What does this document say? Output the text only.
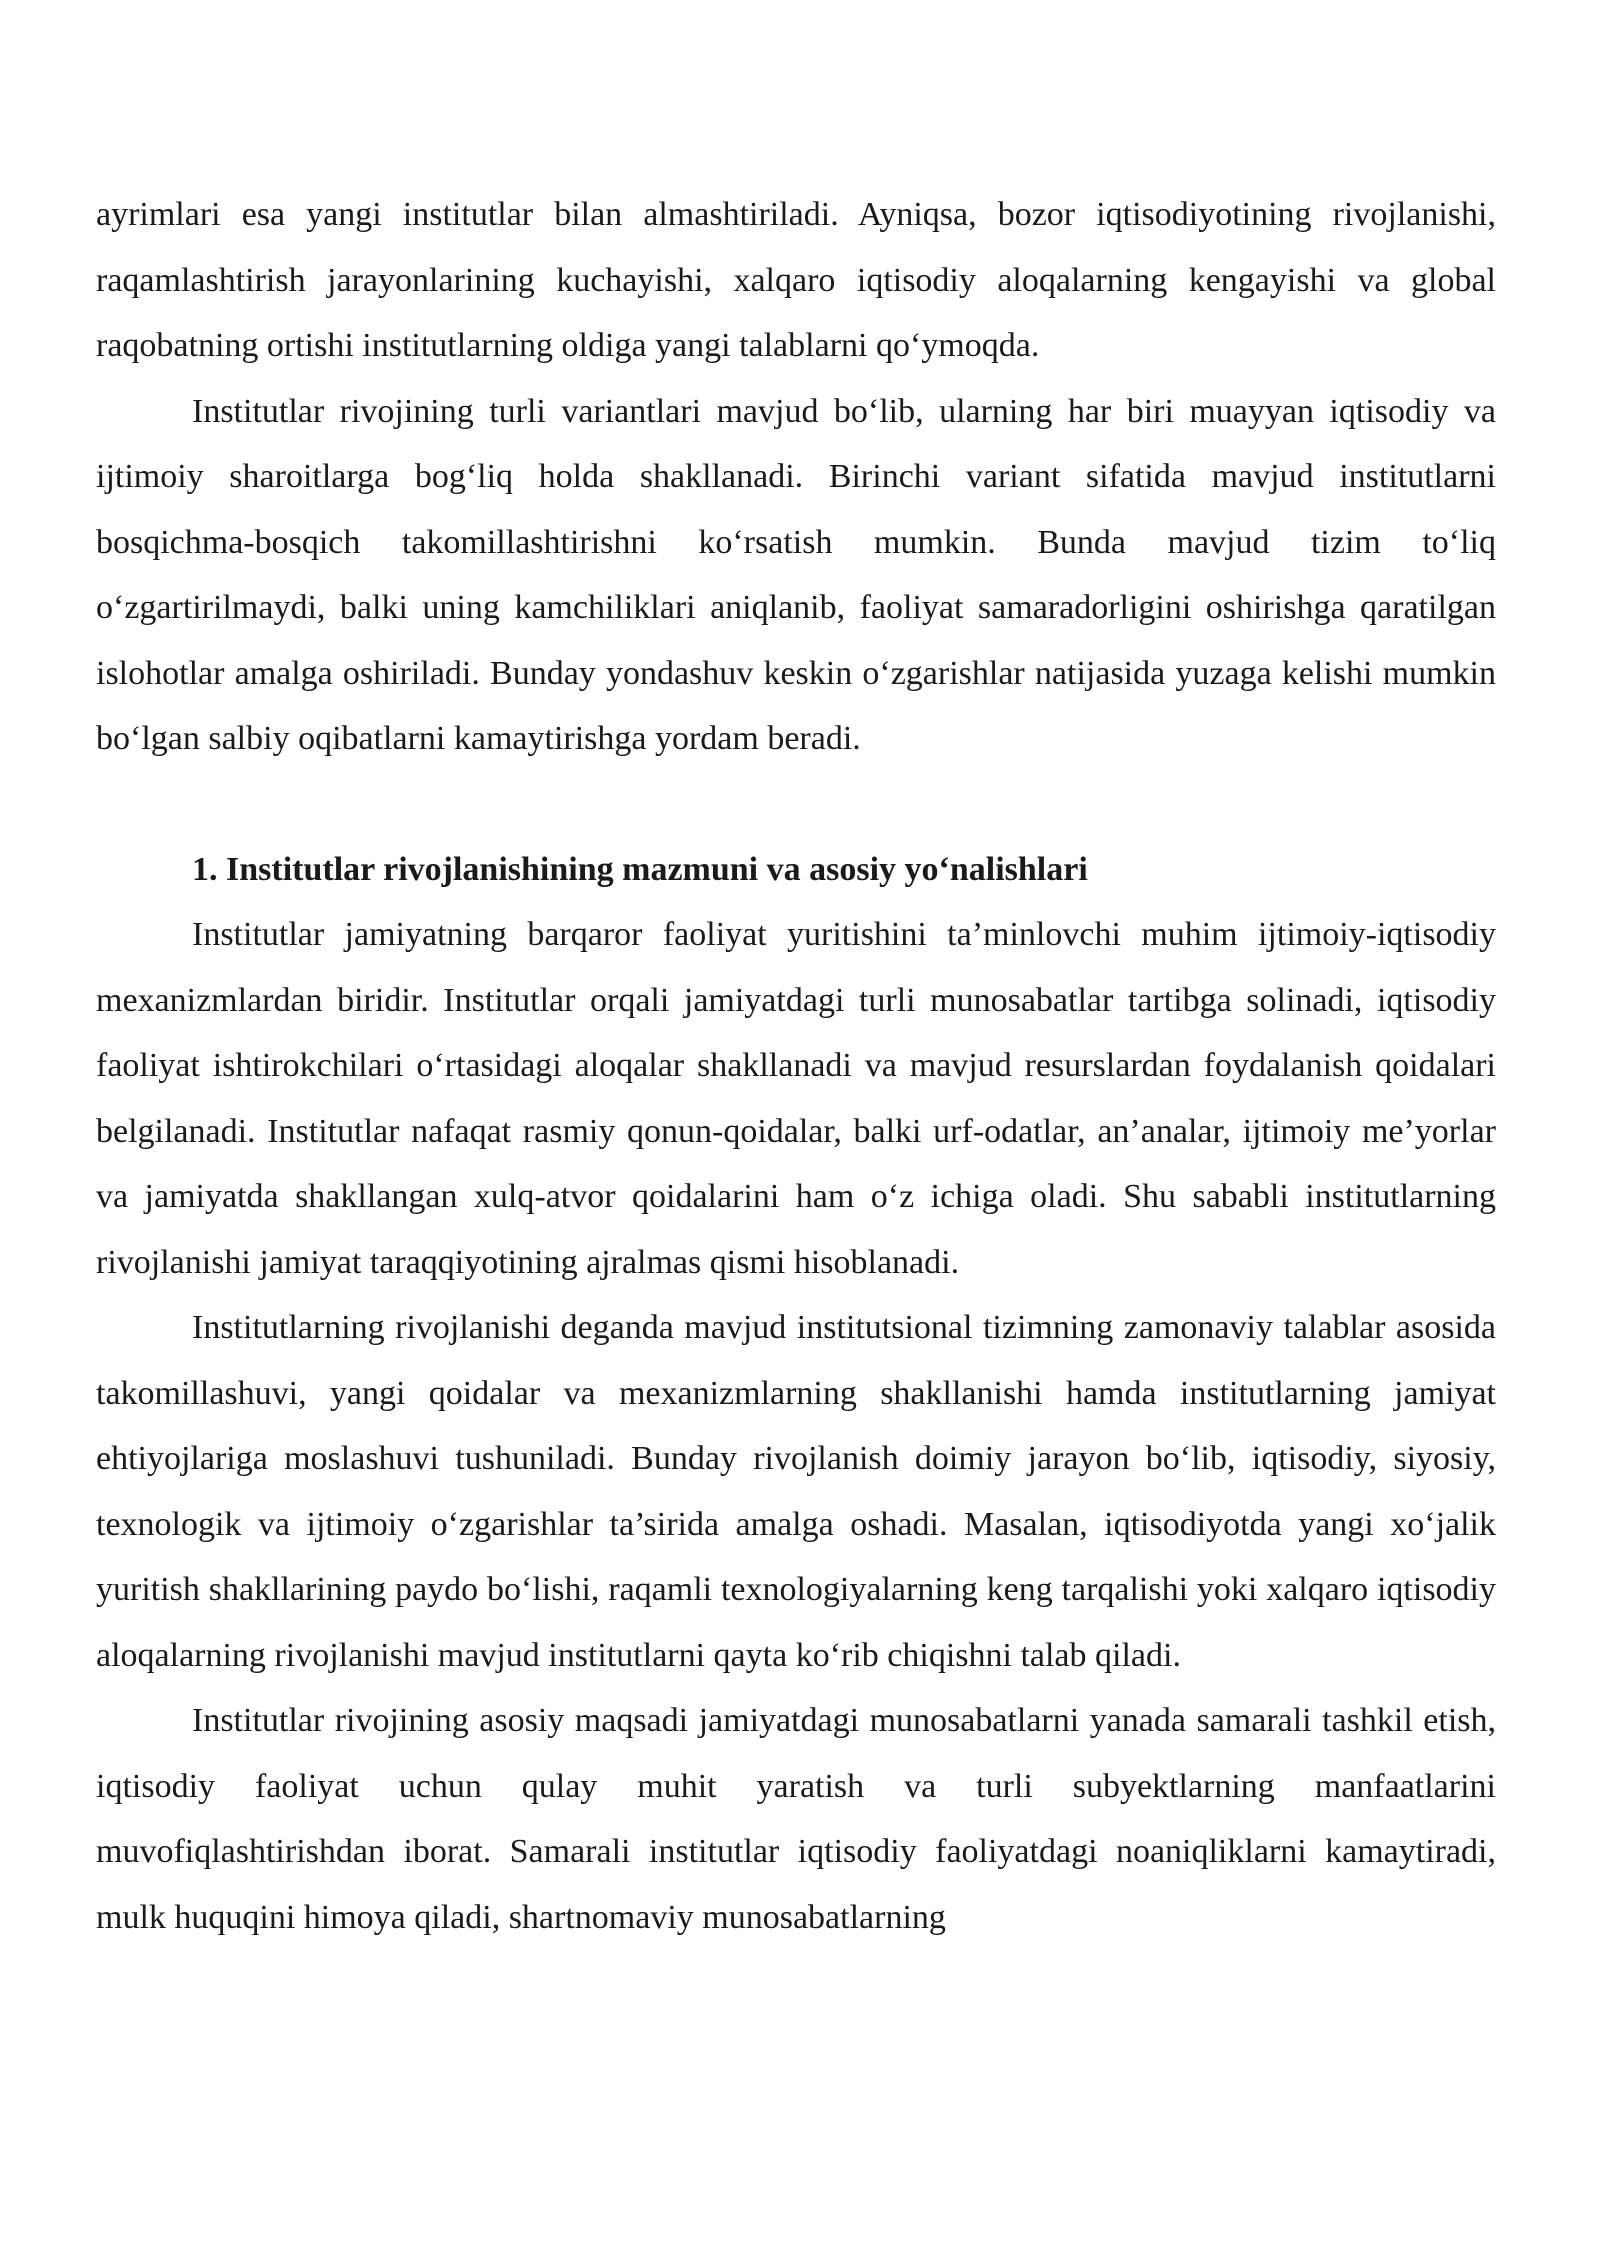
ayrimlari esa yangi institutlar bilan almashtiriladi. Ayniqsa, bozor iqtisodiyotining rivojlanishi, raqamlashtirish jarayonlarining kuchayishi, xalqaro iqtisodiy aloqalarning kengayishi va global raqobatning ortishi institutlarning oldiga yangi talablarni qo‘ymoqda.

Institutlar rivojining turli variantlari mavjud bo‘lib, ularning har biri muayyan iqtisodiy va ijtimoiy sharoitlarga bog‘liq holda shakllanadi. Birinchi variant sifatida mavjud institutlarni bosqichma-bosqich takomillashtirishni ko‘rsatish mumkin. Bunda mavjud tizim to‘liq o‘zgartirilmaydi, balki uning kamchiliklari aniqlanib, faoliyat samaradorligini oshirishga qaratilgan islohotlar amalga oshiriladi. Bunday yondashuv keskin o‘zgarishlar natijasida yuzaga kelishi mumkin bo‘lgan salbiy oqibatlarni kamaytirishga yordam beradi.

1. Institutlar rivojlanishining mazmuni va asosiy yo‘nalishlari

Institutlar jamiyatning barqaror faoliyat yuritishini ta’minlovchi muhim ijtimoiy-iqtisodiy mexanizmlardan biridir. Institutlar orqali jamiyatdagi turli munosabatlar tartibga solinadi, iqtisodiy faoliyat ishtirokchilari o‘rtasidagi aloqalar shakllanadi va mavjud resurslardan foydalanish qoidalari belgilanadi. Institutlar nafaqat rasmiy qonun-qoidalar, balki urf-odatlar, an’analar, ijtimoiy me’yorlar va jamiyatda shakllangan xulq-atvor qoidalarini ham o‘z ichiga oladi. Shu sababli institutlarning rivojlanishi jamiyat taraqqiyotining ajralmas qismi hisoblanadi.

Institutlarning rivojlanishi deganda mavjud institutsional tizimning zamonaviy talablar asosida takomillashuvi, yangi qoidalar va mexanizmlarning shakllanishi hamda institutlarning jamiyat ehtiyojlariga moslashuvi tushuniladi. Bunday rivojlanish doimiy jarayon bo‘lib, iqtisodiy, siyosiy, texnologik va ijtimoiy o‘zgarishlar ta’sirida amalga oshadi. Masalan, iqtisodiyotda yangi xo‘jalik yuritish shakllarining paydo bo‘lishi, raqamli texnologiyalarning keng tarqalishi yoki xalqaro iqtisodiy aloqalarning rivojlanishi mavjud institutlarni qayta ko‘rib chiqishni talab qiladi.

Institutlar rivojining asosiy maqsadi jamiyatdagi munosabatlarni yanada samarali tashkil etish, iqtisodiy faoliyat uchun qulay muhit yaratish va turli subyektlarning manfaatlarini muvofiqlashtirishdan iborat. Samarali institutlar iqtisodiy faoliyatdagi noaniqliklarni kamaytiradi, mulk huquqini himoya qiladi, shartnomaviy munosabatlarning
